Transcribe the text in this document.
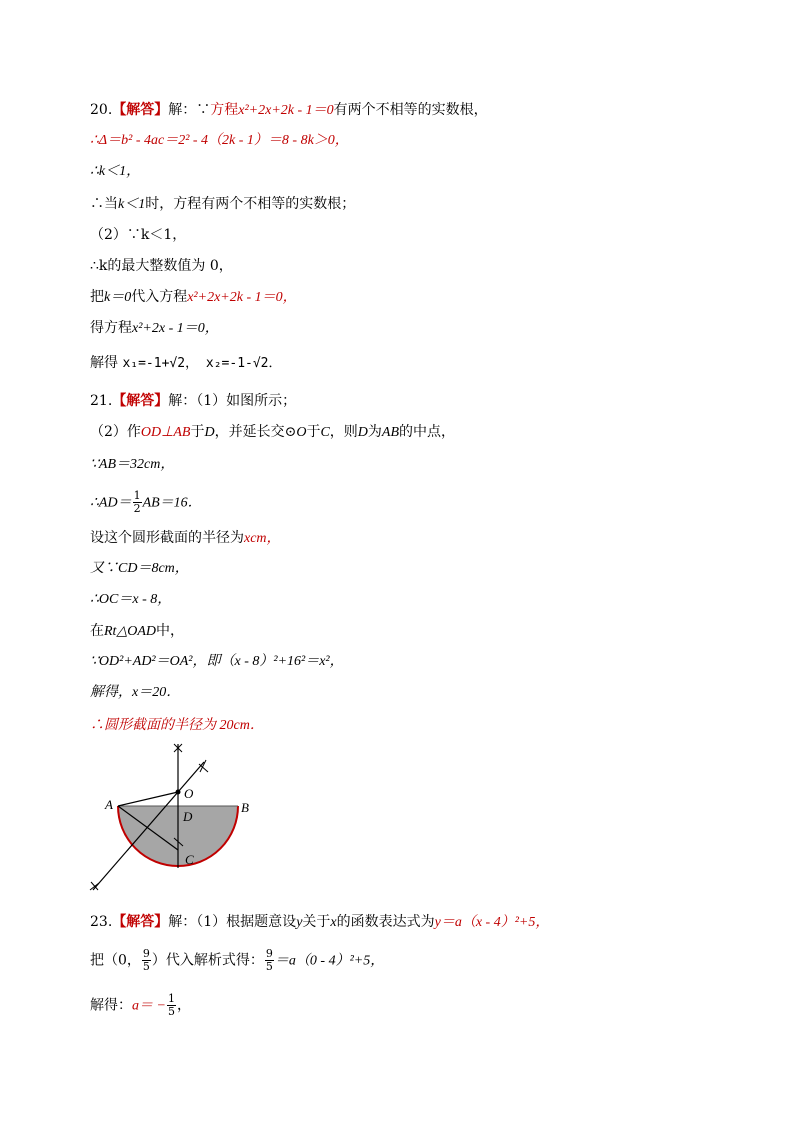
20.【解答】解：∵方程x²+2x+2k - 1＝0有两个不相等的实数根，
∴Δ＝b² - 4ac＝2² - 4（2k - 1）＝8 - 8k＞0，
∴k＜1，
∴当k＜1时，方程有两个不相等的实数根；
（2）∵k＜1，
∴k的最大整数值为 0，
把k＝0代入方程x²+2x+2k - 1＝0，
得方程x²+2x - 1＝0，
解得 x₁=-1+√2， x₂=-1-√2．
21.【解答】解：（1）如图所示；
（2）作OD⊥AB于D，并延长交⊙O于C，则D为AB的中点，
∵AB＝32cm，
∴AD＝ $\frac{1}{2} AB=16$．
设这个圆形截面的半径为xcm，
又∵CD＝8cm，
∴OC＝x - 8，
在Rt△OAD中，
∵OD²+AD²＝OA²，即（x - 8）²+16²＝x²，
解得，x＝20．
∴圆形截面的半径为 20cm．
A	B
O
D
C
23.【解答】解：（1）根据题意设y关于x的函数表达式为y＝a（x - 4）²+5，
把（0， $\frac{9}{5}$ ）代入解析式得： $\frac{9}{5} =a(0 - 4)^2+5$，
解得：$a= - \frac{1}{5}$ ，
